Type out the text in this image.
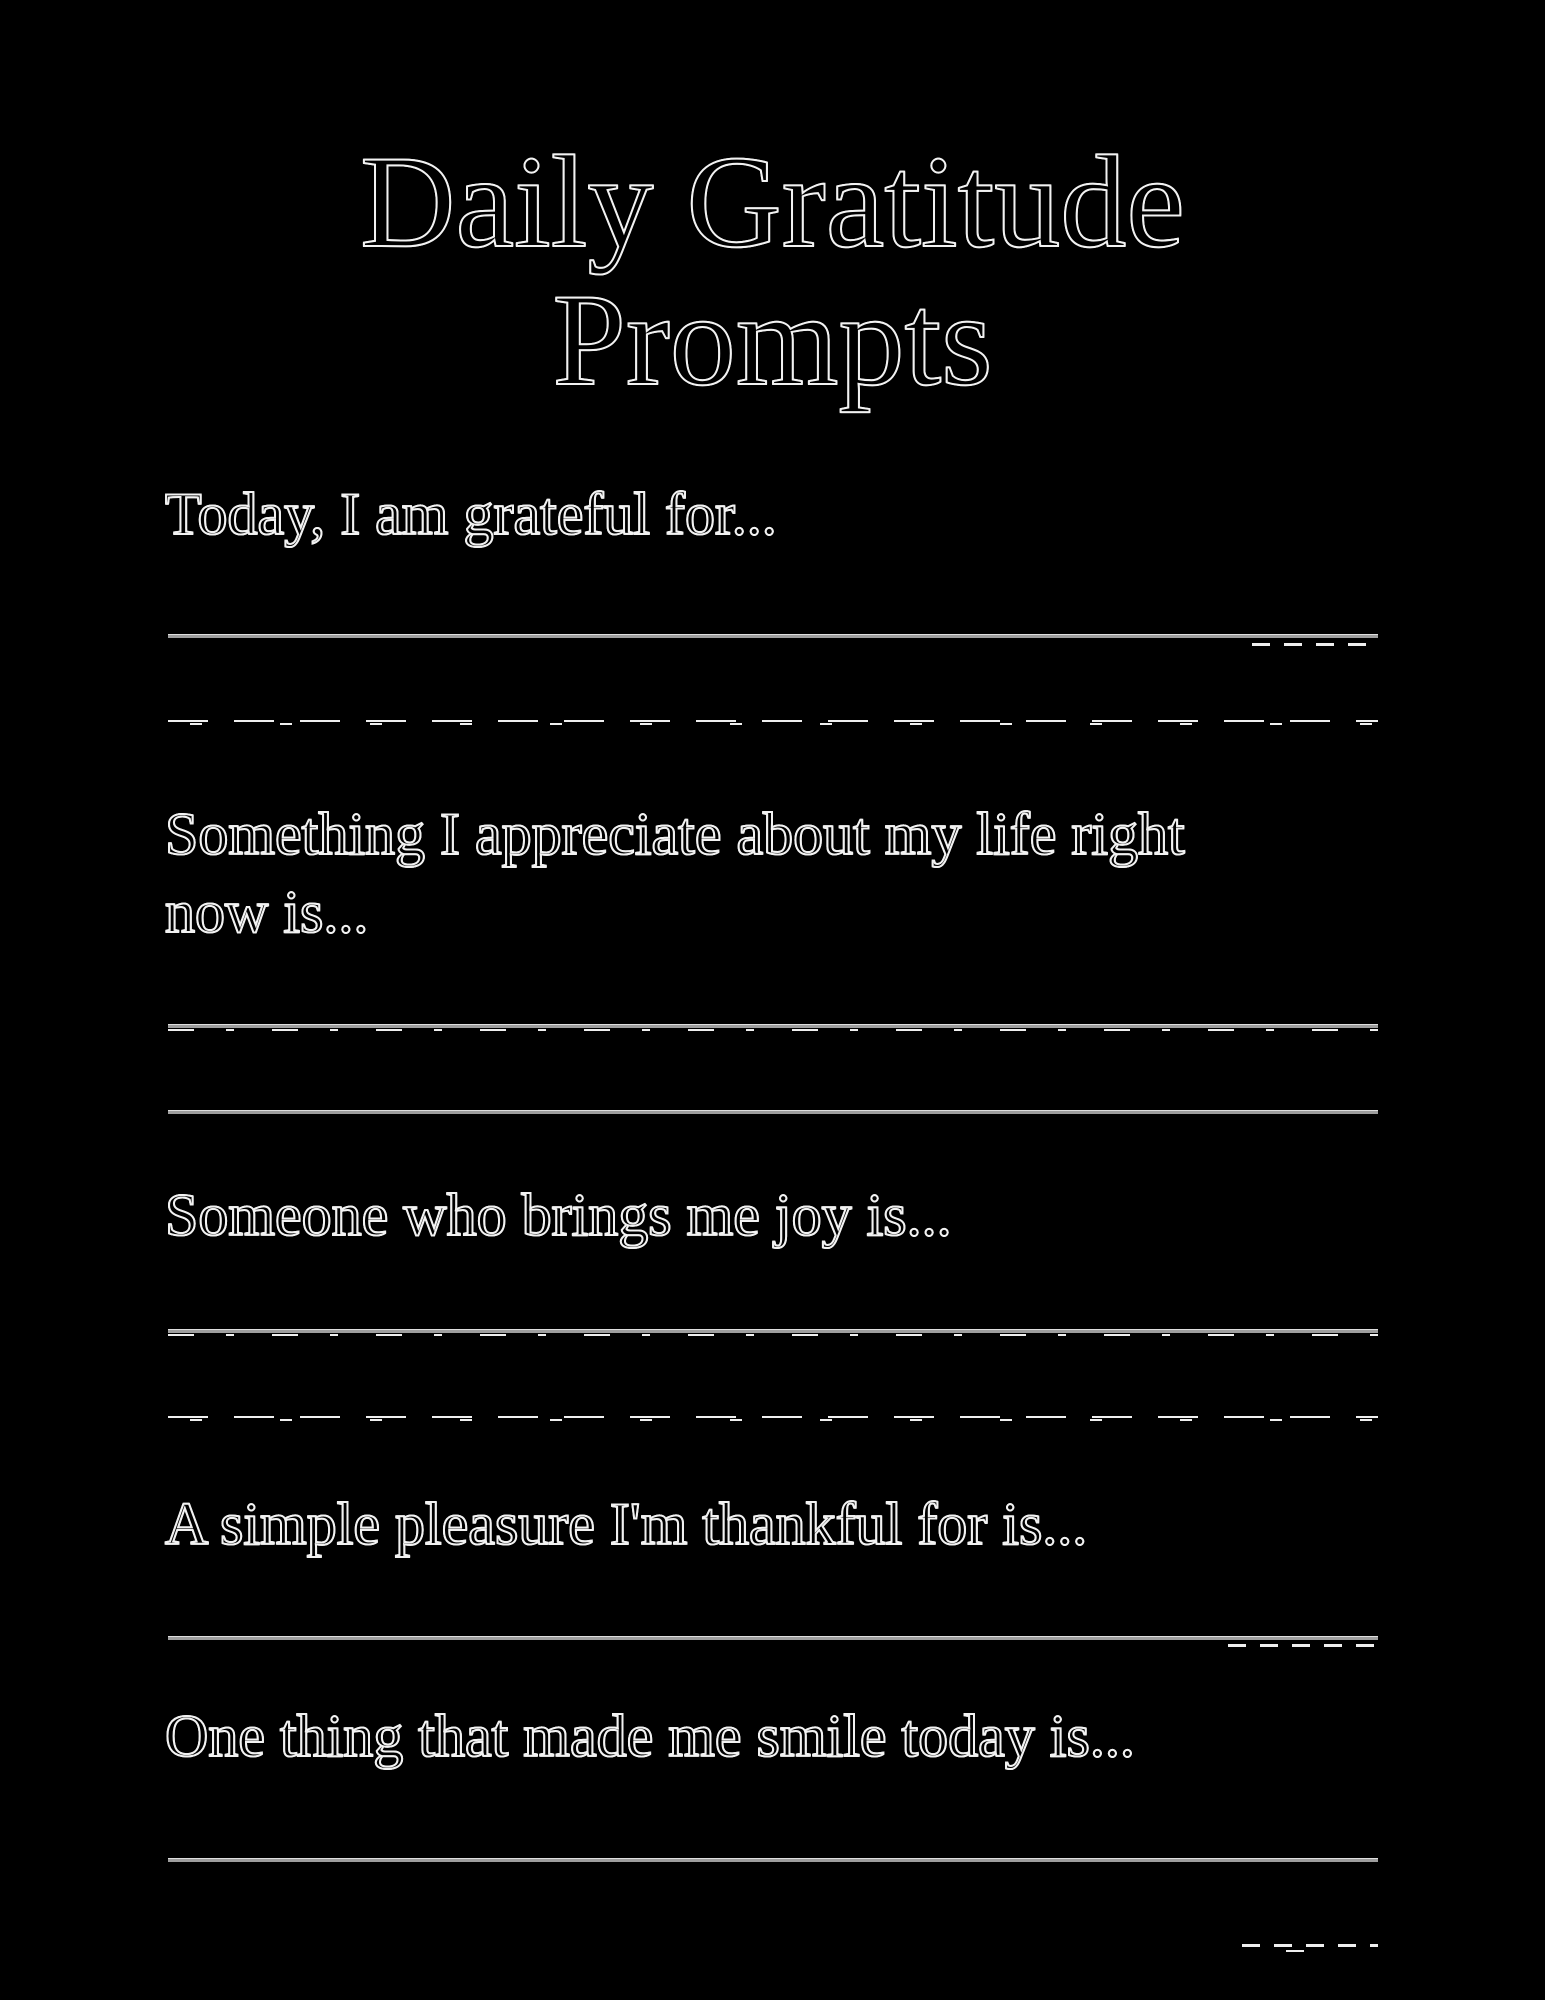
Daily Gratitude
Prompts

Today, I am grateful for...

Something I appreciate about my life right now is...

Someone who brings me joy is...

A simple pleasure I'm thankful for is...

One thing that made me smile today is...
